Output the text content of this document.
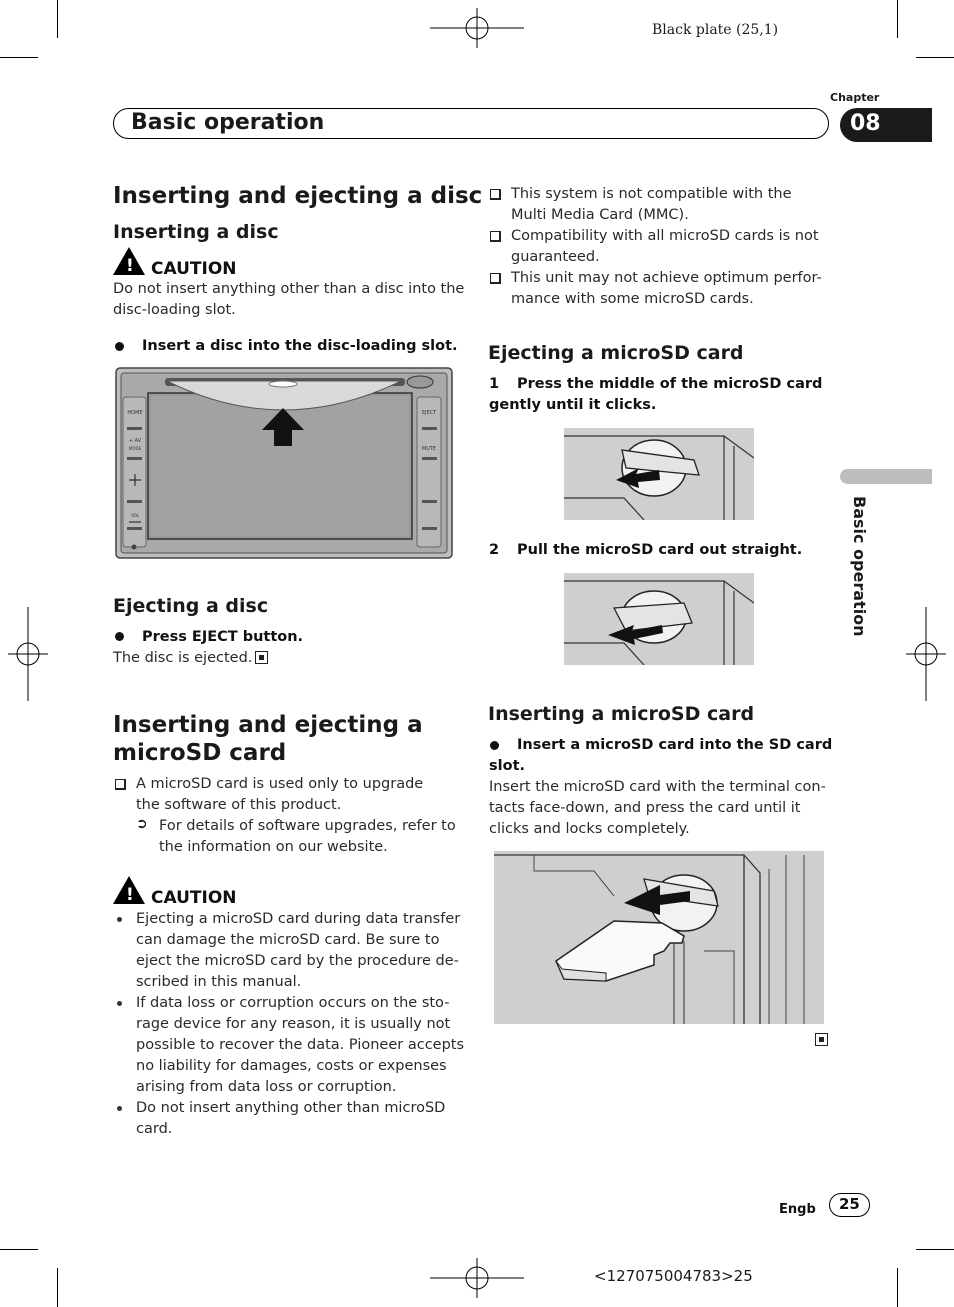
Black plate (25,1)
<127075004783>25
Basic operation
Chapter
08
Basic operation
Inserting and ejecting a disc
Inserting a disc
! CAUTION
Do not insert anything other than a disc into the
disc-loading slot.
Insert a disc into the disc-loading slot.
HOME
+ AV
MODE
VOL
EJECT
MUTE
Ejecting a disc
Press EJECT button.
The disc is ejected.
Inserting and ejecting a
microSD card
A microSD card is used only to upgrade
the software of this product.
➲ For details of software upgrades, refer to
the information on our website.
! CAUTION
Ejecting a microSD card during data transfer
can damage the microSD card. Be sure to
eject the microSD card by the procedure de-
scribed in this manual.
If data loss or corruption occurs on the sto-
rage device for any reason, it is usually not
possible to recover the data. Pioneer accepts
no liability for damages, costs or expenses
arising from data loss or corruption.
Do not insert anything other than microSD
card.
This system is not compatible with the
Multi Media Card (MMC).
Compatibility with all microSD cards is not
guaranteed.
This unit may not achieve optimum perfor-
mance with some microSD cards.
Ejecting a microSD card
1 Press the middle of the microSD card
gently until it clicks.
2 Pull the microSD card out straight.
Inserting a microSD card
Insert a microSD card into the SD card
slot.
Insert the microSD card with the terminal con-
tacts face-down, and press the card until it
clicks and locks completely.
Engb 25
